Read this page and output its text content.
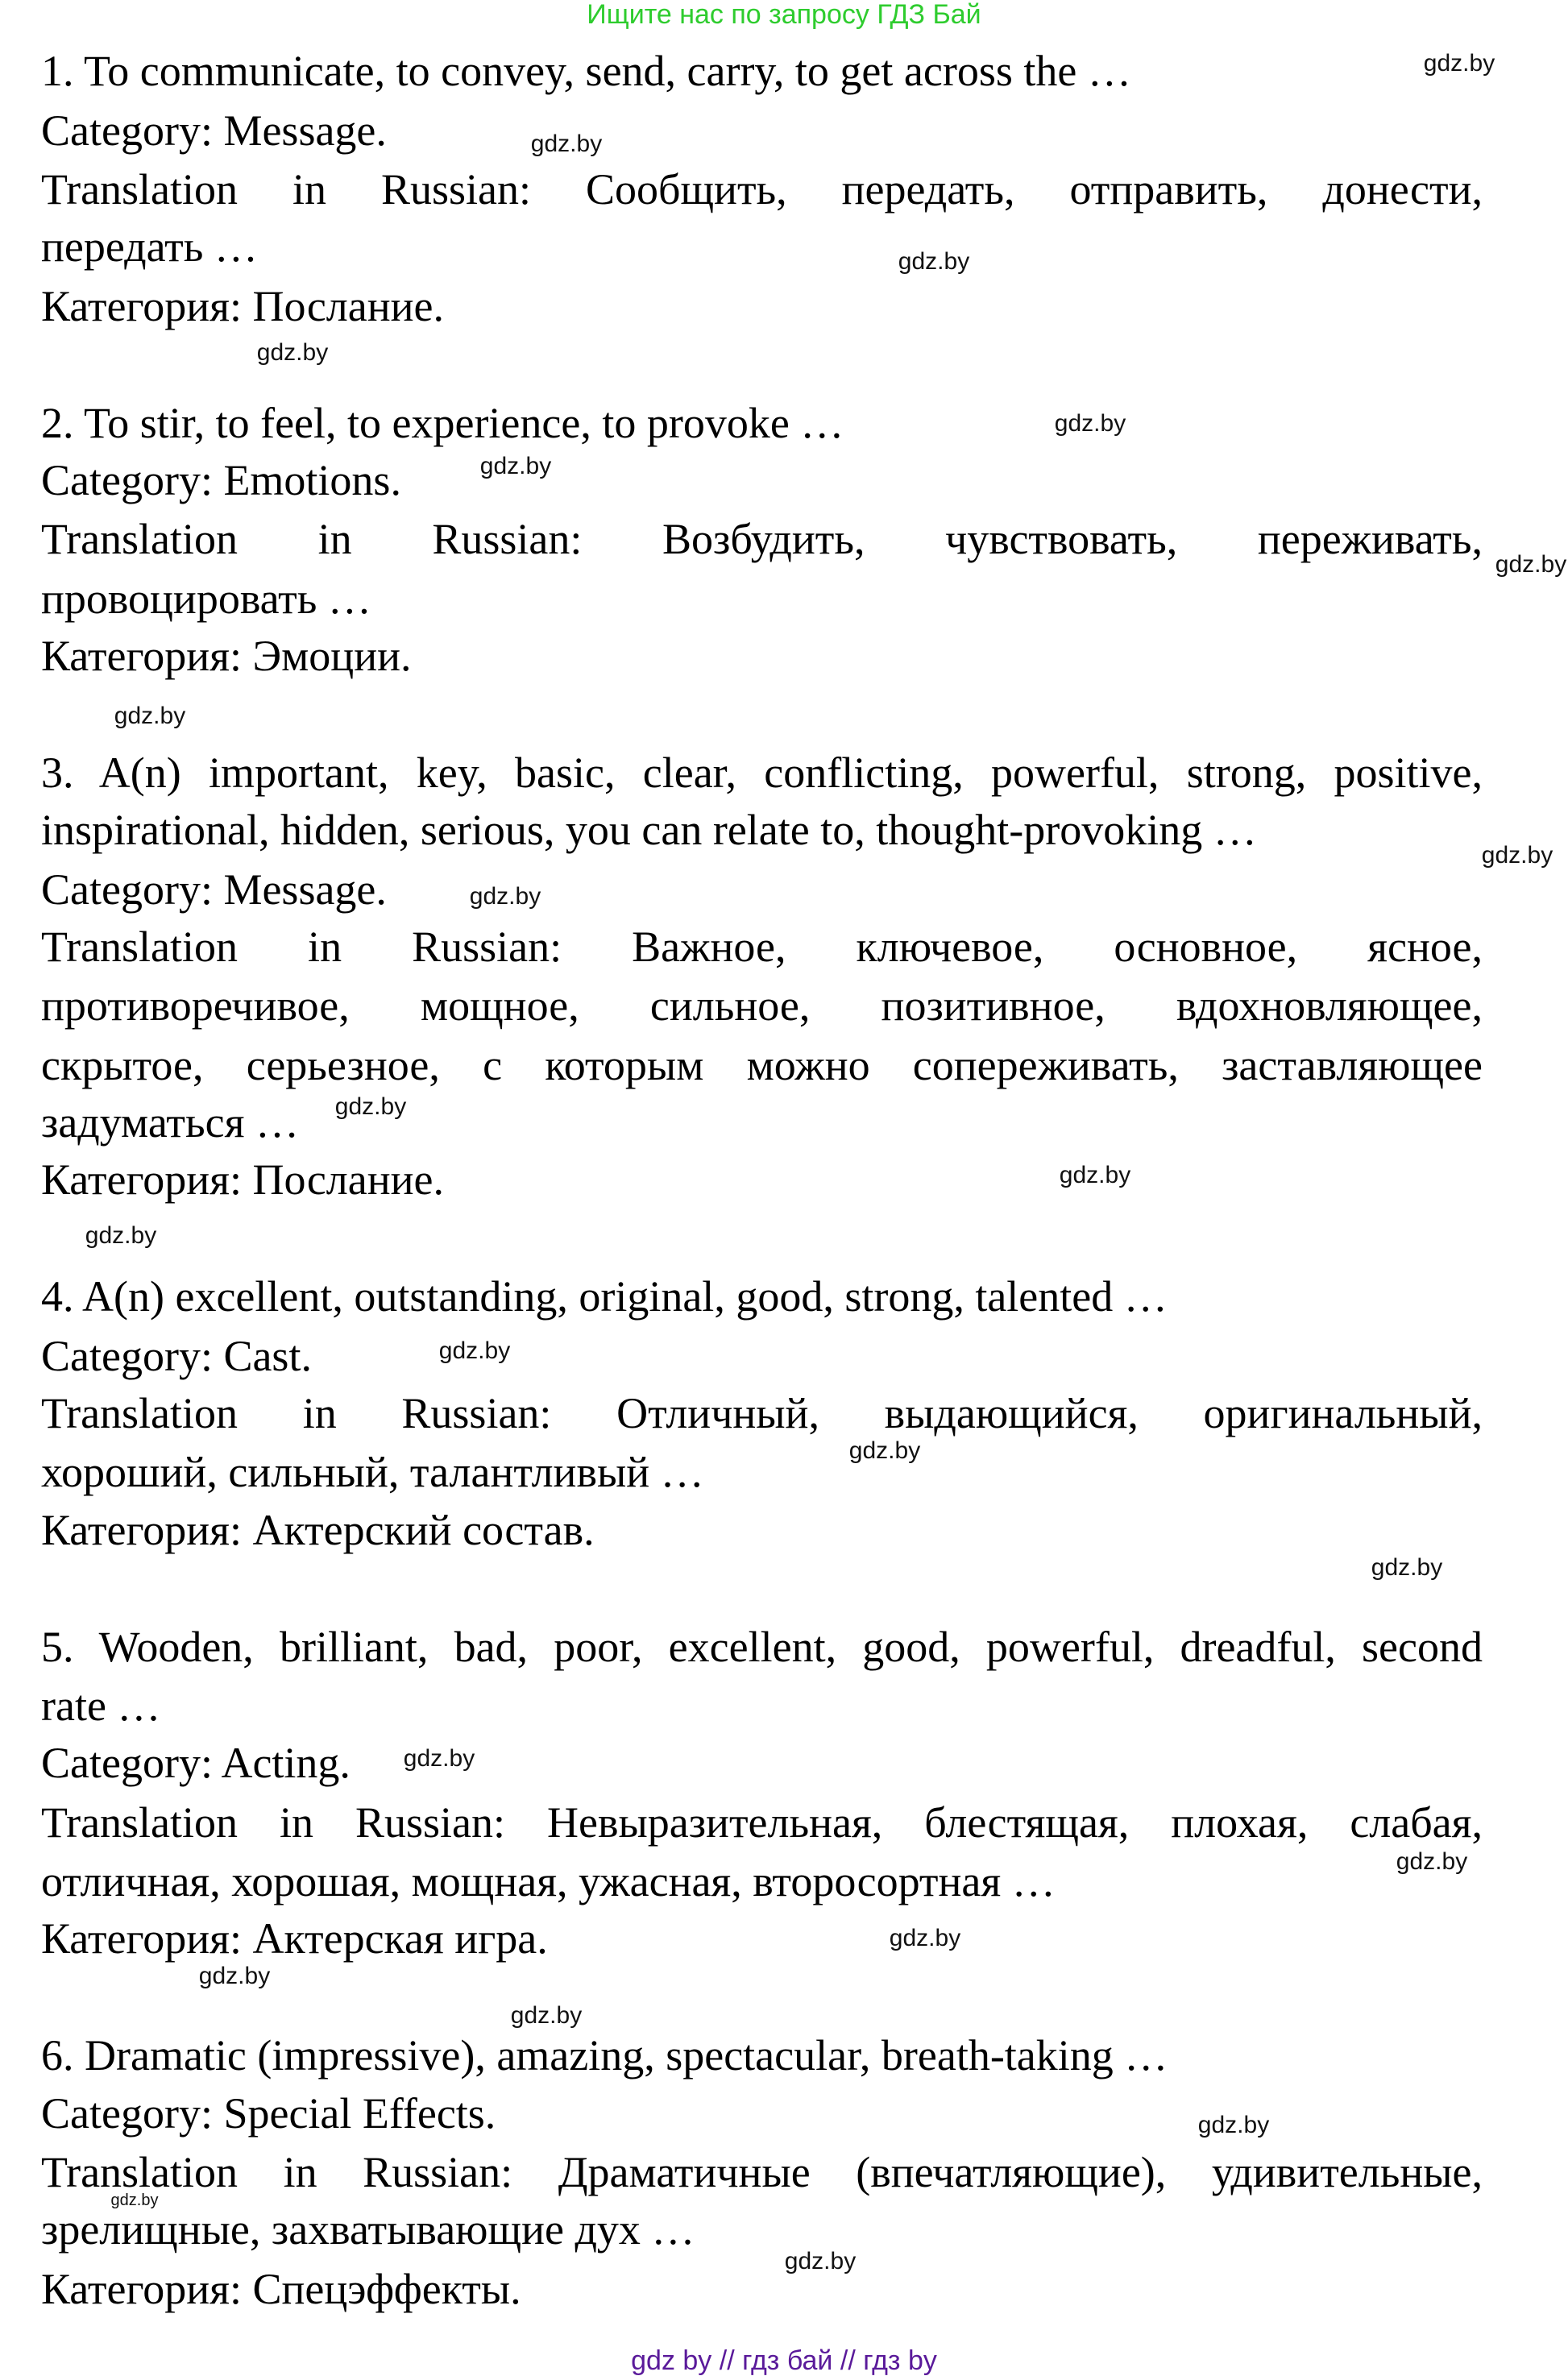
Ищите нас по запросу ГДЗ Бай
1. To communicate, to convey, send, carry, to get across the …
Category: Message.
Translation in Russian: Сообщить, передать, отправить, донести,
передать …
Категория: Послание.
2. To stir, to feel, to experience, to provoke …
Category: Emotions.
Translation in Russian: Возбудить, чувствовать, переживать,
провоцировать …
Категория: Эмоции.
3. A(n) important, key, basic, clear, conflicting, powerful, strong, positive,
inspirational, hidden, serious, you can relate to, thought-provoking …
Category: Message.
Translation in Russian: Важное, ключевое, основное, ясное,
противоречивое, мощное, сильное, позитивное, вдохновляющее,
скрытое, серьезное, с которым можно сопереживать, заставляющее
задуматься …
Категория: Послание.
4. A(n) excellent, outstanding, original, good, strong, talented …
Category: Cast.
Translation in Russian: Отличный, выдающийся, оригинальный,
хороший, сильный, талантливый …
Категория: Актерский состав.
5. Wooden, brilliant, bad, poor, excellent, good, powerful, dreadful, second
rate …
Category: Acting.
Translation in Russian: Невыразительная, блестящая, плохая, слабая,
отличная, хорошая, мощная, ужасная, второсортная …
Категория: Актерская игра.
6. Dramatic (impressive), amazing, spectacular, breath-taking …
Category: Special Effects.
Translation in Russian: Драматичные (впечатляющие), удивительные,
зрелищные, захватывающие дух …
Категория: Спецэффекты.
gdz.by
gdz.by
gdz.by
gdz.by
gdz.by
gdz.by
gdz.by
gdz.by
gdz.by
gdz.by
gdz.by
gdz.by
gdz.by
gdz.by
gdz.by
gdz.by
gdz.by
gdz.by
gdz.by
gdz.by
gdz.by
gdz.by
gdz.by
gdz.by
gdz by // гдз бай // гдз by
